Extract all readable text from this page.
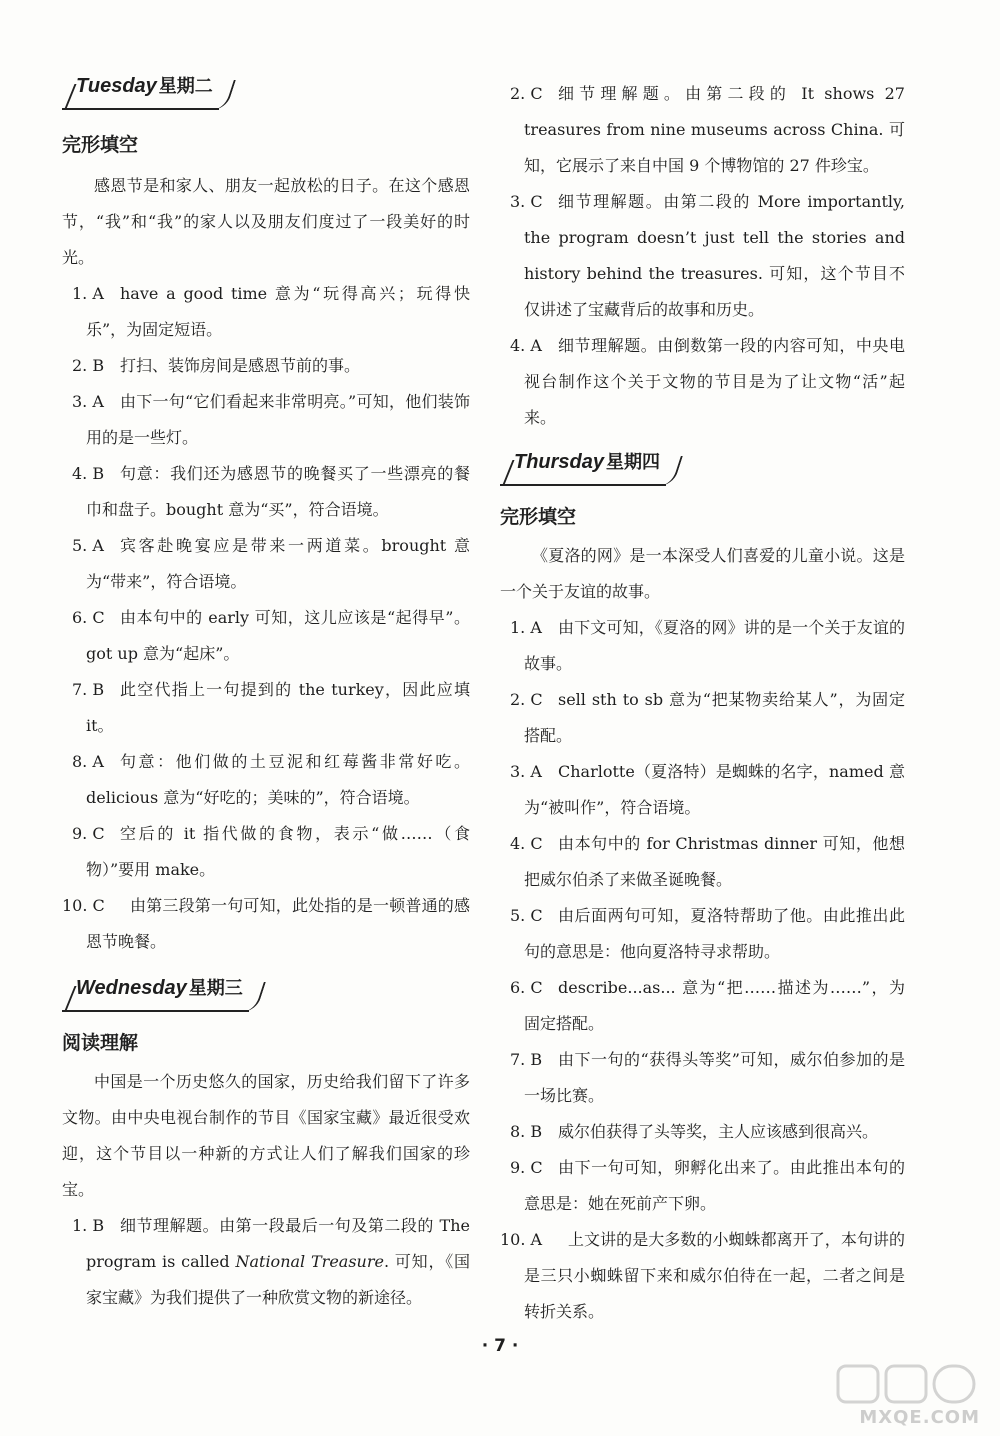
Tuesday 星期二

完形填空

感恩节是和家人、朋友一起放松的日子。在这个感恩节，“我”和“我”的家人以及朋友们度过了一段美好的时光。

1. A have a good time 意为“玩得高兴；玩得快乐”，为固定短语。
2. B 打扫、装饰房间是感恩节前的事。
3. A 由下一句“它们看起来非常明亮。”可知，他们装饰用的是一些灯。
4. B 句意：我们还为感恩节的晚餐买了一些漂亮的餐巾和盘子。bought 意为“买”，符合语境。
5. A 宾客赴晚宴应是带来一两道菜。brought 意为“带来”，符合语境。
6. C 由本句中的 early 可知，这儿应该是“起得早”。got up 意为“起床”。
7. B 此空代指上一句提到的 the turkey，因此应填 it。
8. A 句意：他们做的土豆泥和红莓酱非常好吃。delicious 意为“好吃的；美味的”，符合语境。
9. C 空后的 it 指代做的食物，表示“做……（食物）”要用 make。
10. C 由第三段第一句可知，此处指的是一顿普通的感恩节晚餐。
Wednesday 星期三

阅读理解

中国是一个历史悠久的国家，历史给我们留下了许多文物。由中央电视台制作的节目《国家宝藏》最近很受欢迎，这个节目以一种新的方式让人们了解我们国家的珍宝。

1. B 细节理解题。由第一段最后一句及第二段的 The program is called National Treasure. 可知，《国家宝藏》为我们提供了一种欣赏文物的新途径。
2. C 细节理解题。由第二段的 It shows 27 treasures from nine museums across China. 可知，它展示了来自中国 9 个博物馆的 27 件珍宝。
3. C 细节理解题。由第二段的 More importantly, the program doesn’t just tell the stories and history behind the treasures. 可知，这个节目不仅讲述了宝藏背后的故事和历史。
4. A 细节理解题。由倒数第一段的内容可知，中央电视台制作这个关于文物的节目是为了让文物“活”起来。
Thursday 星期四

完形填空

《夏洛的网》是一本深受人们喜爱的儿童小说。这是一个关于友谊的故事。

1. A 由下文可知，《夏洛的网》讲的是一个关于友谊的故事。
2. C sell sth to sb 意为“把某物卖给某人”，为固定搭配。
3. A Charlotte（夏洛特）是蜘蛛的名字，named 意为“被叫作”，符合语境。
4. C 由本句中的 for Christmas dinner 可知，他想把威尔伯杀了来做圣诞晚餐。
5. C 由后面两句可知，夏洛特帮助了他。由此推出此句的意思是：他向夏洛特寻求帮助。
6. C describe...as... 意为“把……描述为……”，为固定搭配。
7. B 由下一句的“获得头等奖”可知，威尔伯参加的是一场比赛。
8. B 威尔伯获得了头等奖，主人应该感到很高兴。
9. C 由下一句可知，卵孵化出来了。由此推出本句的意思是：她在死前产下卵。
10. A 上文讲的是大多数的小蜘蛛都离开了，本句讲的是三只小蜘蛛留下来和威尔伯待在一起，二者之间是转折关系。
· 7 ·
MXQE.COM
